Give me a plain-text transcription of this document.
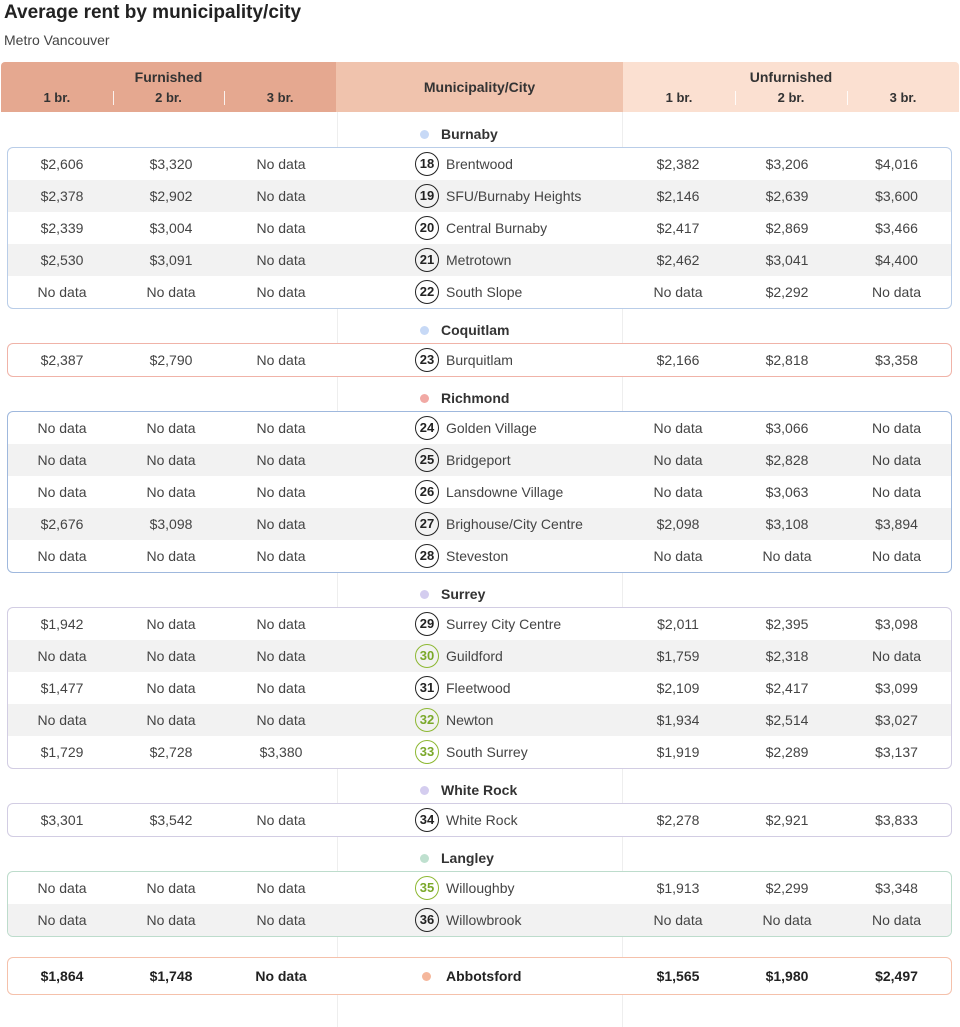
Average rent by municipality/city
Metro Vancouver
Furnished
1 br.	2 br.	3 br.
Municipality/City
Unfurnished
1 br.	2 br.	3 br.
Burnaby
$2,606	$3,320	No data	18 Brentwood	$2,382	$3,206	$4,016
$2,378	$2,902	No data	19 SFU/Burnaby Heights	$2,146	$2,639	$3,600
$2,339	$3,004	No data	20 Central Burnaby	$2,417	$2,869	$3,466
$2,530	$3,091	No data	21 Metrotown	$2,462	$3,041	$4,400
No data	No data	No data	22 South Slope	No data	$2,292	No data
Coquitlam
$2,387	$2,790	No data	23 Burquitlam	$2,166	$2,818	$3,358
Richmond
No data	No data	No data	24 Golden Village	No data	$3,066	No data
No data	No data	No data	25 Bridgeport	No data	$2,828	No data
No data	No data	No data	26 Lansdowne Village	No data	$3,063	No data
$2,676	$3,098	No data	27 Brighouse/City Centre	$2,098	$3,108	$3,894
No data	No data	No data	28 Steveston	No data	No data	No data
Surrey
$1,942	No data	No data	29 Surrey City Centre	$2,011	$2,395	$3,098
No data	No data	No data	30 Guildford	$1,759	$2,318	No data
$1,477	No data	No data	31 Fleetwood	$2,109	$2,417	$3,099
No data	No data	No data	32 Newton	$1,934	$2,514	$3,027
$1,729	$2,728	$3,380	33 South Surrey	$1,919	$2,289	$3,137
White Rock
$3,301	$3,542	No data	34 White Rock	$2,278	$2,921	$3,833
Langley
No data	No data	No data	35 Willoughby	$1,913	$2,299	$3,348
No data	No data	No data	36 Willowbrook	No data	No data	No data
$1,864	$1,748	No data	Abbotsford	$1,565	$1,980	$2,497
